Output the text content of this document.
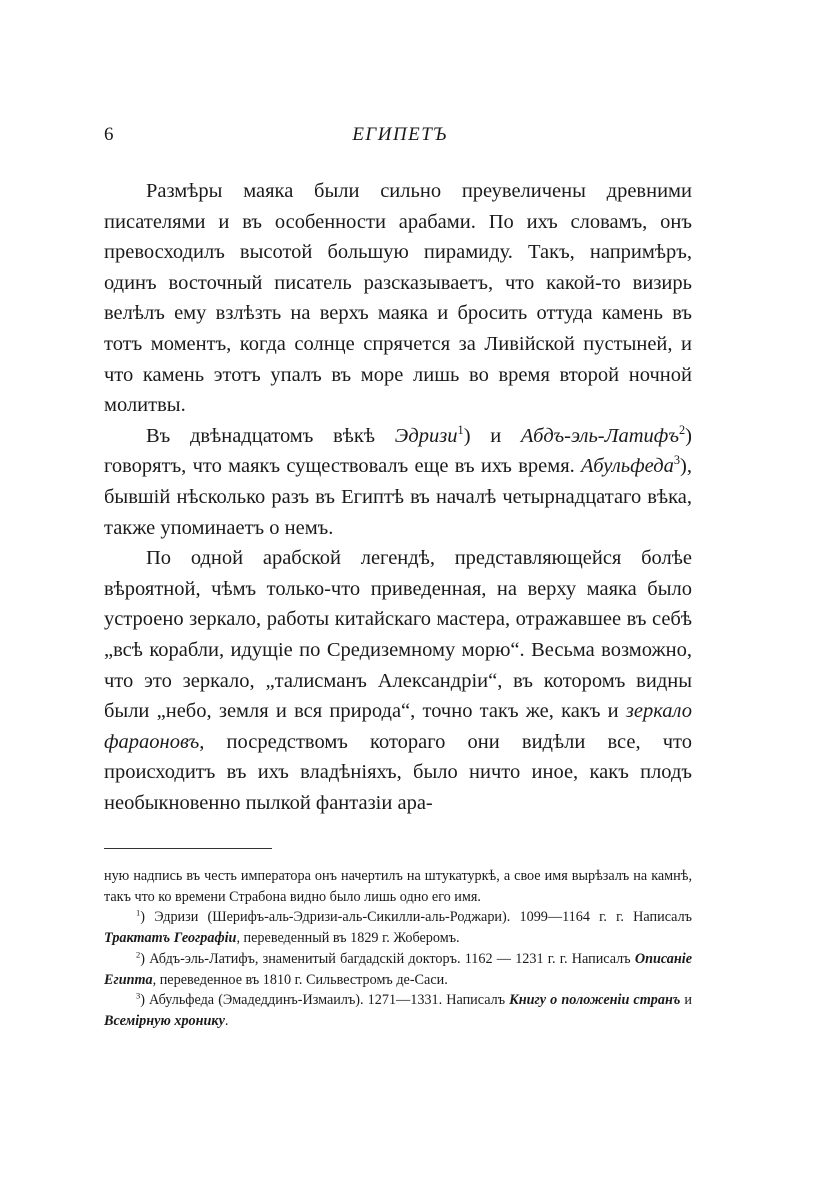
6	ЕГИПЕТЪ

Размѣры маяка были сильно преувеличены древними писателями и въ особенности арабами. По ихъ словамъ, онъ превосходилъ высотой большую пирамиду. Такъ, напримѣръ, одинъ восточный писатель разсказываетъ, что какой-то визирь велѣлъ ему взлѣзть на верхъ маяка и бросить оттуда камень въ тотъ моментъ, когда солнце спрячется за Ливiйской пустыней, и что камень этотъ упалъ въ море лишь во время второй ночной молитвы.

Въ двѣнадцатомъ вѣкѣ Эдризи$^1$) и Абдъ-эль-Латифъ$^2$) говорятъ, что маякъ существовалъ еще въ ихъ время. Абульфеда$^3$), бывшiй нѣсколько разъ въ Египтѣ въ началѣ четырнадцатаго вѣка, также упоминаетъ о немъ.

По одной арабской легендѣ, представляющейся болѣе вѣроятной, чѣмъ только-что приведенная, на верху маяка было устроено зеркало, работы китайскаго мастера, отражавшее въ себѣ „всѣ корабли, идущiе по Средиземному морю“. Весьма возможно, что это зеркало, „талисманъ Александрiи“, въ которомъ видны были „небо, земля и вся природа“, точно такъ же, какъ и зеркало фараоновъ, посредствомъ котораго они видѣли все, что происходитъ въ ихъ владѣнiяхъ, было ничто иное, какъ плодъ необыкновенно пылкой фантазiи ара-

ную надпись въ честь императора онъ начертилъ на штукатуркѣ, а свое имя вырѣзалъ на камнѣ, такъ что ко времени Страбона видно было лишь одно его имя.

$^1$) Эдризи (Шерифъ-аль-Эдризи-аль-Сикилли-аль-Роджари). 1099—1164 г. г. Написалъ Трактатъ Географiи, переведенный въ 1829 г. Жоберомъ.

$^2$) Абдъ-эль-Латифъ, знаменитый багдадскiй докторъ. 1162 — 1231 г. г. Написалъ Описанiе Египта, переведенное въ 1810 г. Сильвестромъ де-Саси.

$^3$) Абульфеда (Эмадеддинъ-Измаилъ). 1271—1331. Написалъ Книгу о положенiи странъ и Всемiрную хронику.
